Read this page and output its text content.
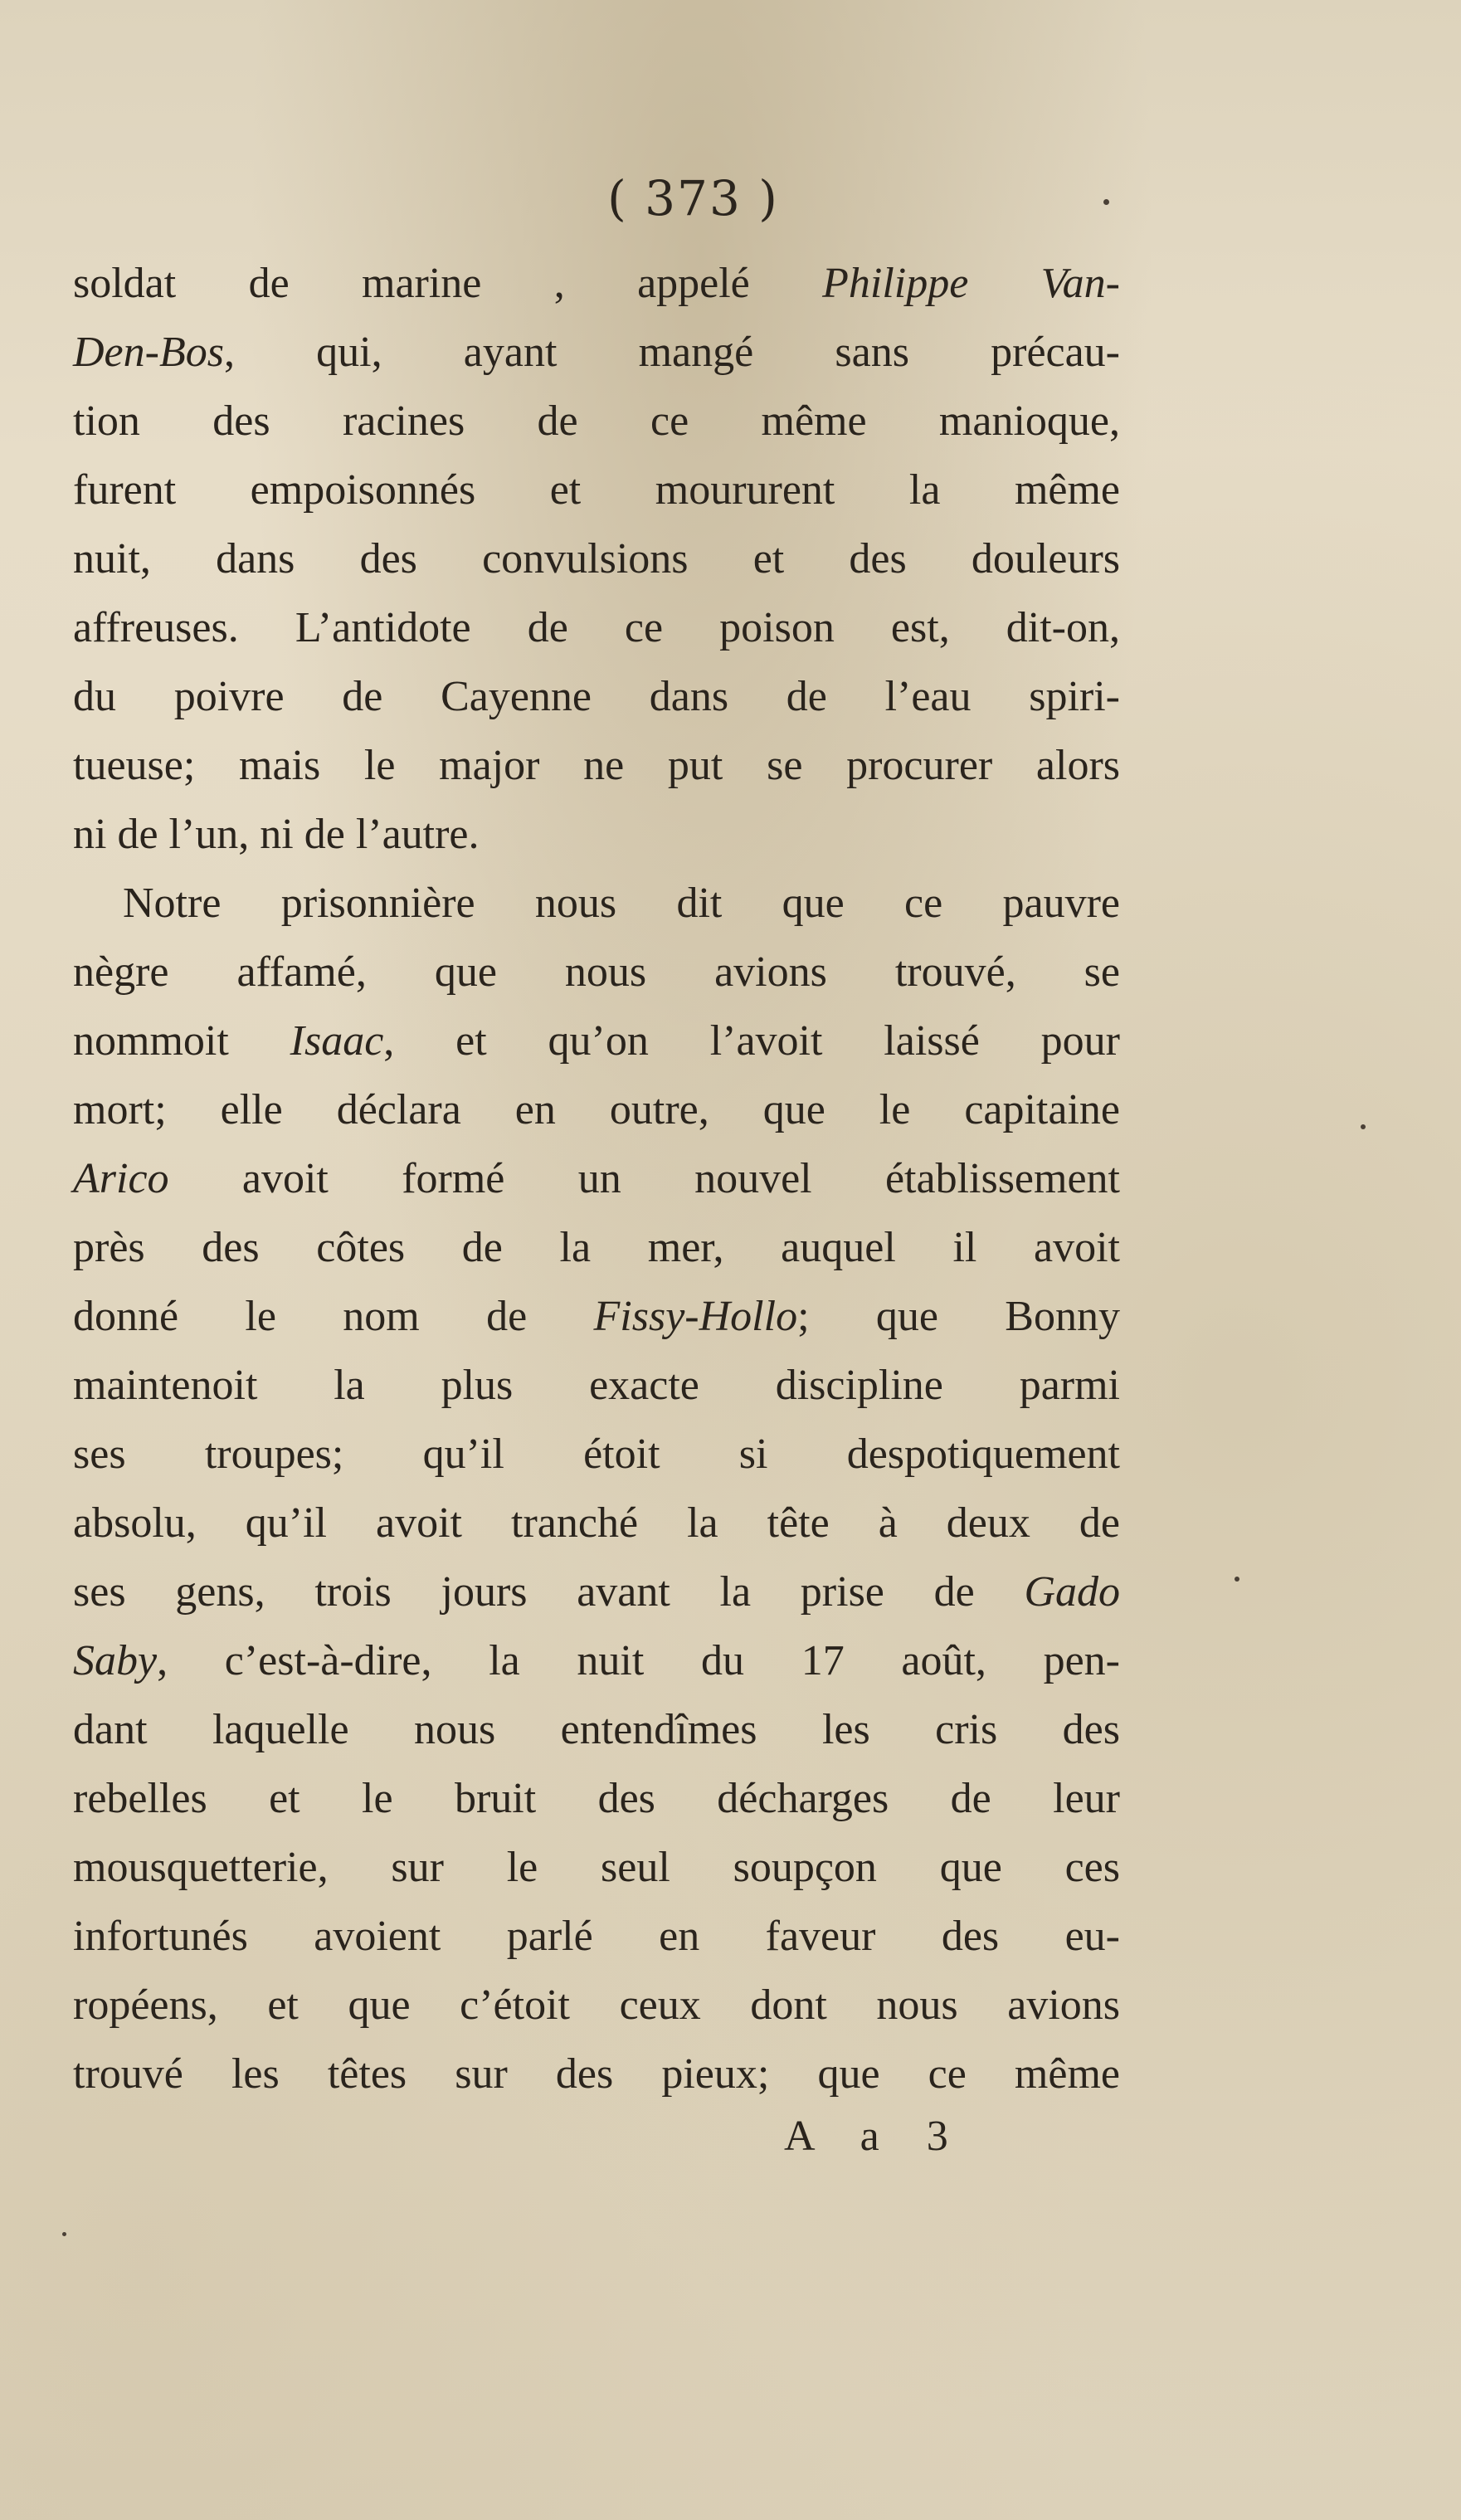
( 373 )
soldat de marine , appelé Philippe Van-
Den-Bos, qui, ayant mangé sans précau-
tion des racines de ce même manioque,
furent empoisonnés et moururent la même
nuit, dans des convulsions et des douleurs
affreuses. L’antidote de ce poison est, dit-on,
du poivre de Cayenne dans de l’eau spiri-
tueuse; mais le major ne put se procurer alors
ni de l’un, ni de l’autre.
Notre prisonnière nous dit que ce pauvre
nègre affamé, que nous avions trouvé, se
nommoit Isaac, et qu’on l’avoit laissé pour
mort; elle déclara en outre, que le capitaine
Arico avoit formé un nouvel établissement
près des côtes de la mer, auquel il avoit
donné le nom de Fissy-Hollo; que Bonny
maintenoit la plus exacte discipline parmi
ses troupes; qu’il étoit si despotiquement
absolu, qu’il avoit tranché la tête à deux de
ses gens, trois jours avant la prise de Gado
Saby, c’est-à-dire, la nuit du 17 août, pen-
dant laquelle nous entendîmes les cris des
rebelles et le bruit des décharges de leur
mousquetterie, sur le seul soupçon que ces
infortunés avoient parlé en faveur des eu-
ropéens, et que c’étoit ceux dont nous avions
trouvé les têtes sur des pieux; que ce même
A a 3
